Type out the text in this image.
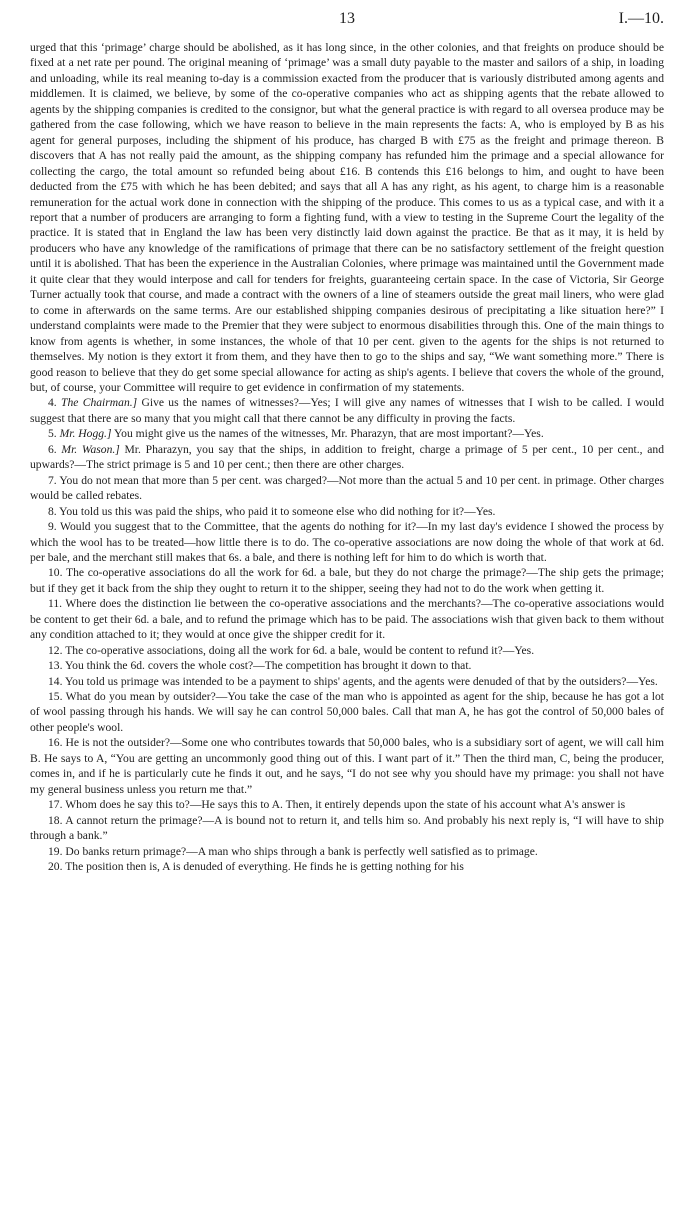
13	I.—10.

urged that this ‘primage’ charge should be abolished, as it has long since, in the other colonies, and that freights on produce should be fixed at a net rate per pound. The original meaning of ‘primage’ was a small duty payable to the master and sailors of a ship, in loading and unloading, while its real meaning to-day is a commission exacted from the producer that is variously distributed among agents and middlemen. It is claimed, we believe, by some of the co-operative companies who act as shipping agents that the rebate allowed to agents by the shipping companies is credited to the consignor, but what the general practice is with regard to all oversea produce may be gathered from the case following, which we have reason to believe in the main represents the facts: A, who is employed by B as his agent for general purposes, including the shipment of his produce, has charged B with £75 as the freight and primage thereon. B discovers that A has not really paid the amount, as the shipping company has refunded him the primage and a special allowance for collecting the cargo, the total amount so refunded being about £16. B contends this £16 belongs to him, and ought to have been deducted from the £75 with which he has been debited; and says that all A has any right, as his agent, to charge him is a reasonable remuneration for the actual work done in connection with the shipping of the produce. This comes to us as a typical case, and with it a report that a number of producers are arranging to form a fighting fund, with a view to testing in the Supreme Court the legality of the practice. It is stated that in England the law has been very distinctly laid down against the practice. Be that as it may, it is held by producers who have any knowledge of the ramifications of primage that there can be no satisfactory settlement of the freight question until it is abolished. That has been the experience in the Australian Colonies, where primage was maintained until the Government made it quite clear that they would interpose and call for tenders for freights, guaranteeing certain space. In the case of Victoria, Sir George Turner actually took that course, and made a contract with the owners of a line of steamers outside the great mail liners, who were glad to come in afterwards on the same terms. Are our established shipping companies desirous of precipitating a like situation here?” I understand complaints were made to the Premier that they were subject to enormous disabilities through this. One of the main things to know from agents is whether, in some instances, the whole of that 10 per cent. given to the agents for the ships is not returned to themselves. My notion is they extort it from them, and they have then to go to the ships and say, “We want something more.” There is good reason to believe that they do get some special allowance for acting as ship's agents. I believe that covers the whole of the ground, but, of course, your Committee will require to get evidence in confirmation of my statements.

4. The Chairman.] Give us the names of witnesses?—Yes; I will give any names of witnesses that I wish to be called. I would suggest that there are so many that you might call that there cannot be any difficulty in proving the facts.

5. Mr. Hogg.] You might give us the names of the witnesses, Mr. Pharazyn, that are most important?—Yes.

6. Mr. Wason.] Mr. Pharazyn, you say that the ships, in addition to freight, charge a primage of 5 per cent., 10 per cent., and upwards?—The strict primage is 5 and 10 per cent.; then there are other charges.

7. You do not mean that more than 5 per cent. was charged?—Not more than the actual 5 and 10 per cent. in primage. Other charges would be called rebates.

8. You told us this was paid the ships, who paid it to someone else who did nothing for it?—Yes.

9. Would you suggest that to the Committee, that the agents do nothing for it?—In my last day's evidence I showed the process by which the wool has to be treated—how little there is to do. The co-operative associations are now doing the whole of that work at 6d. per bale, and the merchant still makes that 6s. a bale, and there is nothing left for him to do which is worth that.

10. The co-operative associations do all the work for 6d. a bale, but they do not charge the primage?—The ship gets the primage; but if they get it back from the ship they ought to return it to the shipper, seeing they had not to do the work when getting it.

11. Where does the distinction lie between the co-operative associations and the merchants?—The co-operative associations would be content to get their 6d. a bale, and to refund the primage which has to be paid. The associations wish that given back to them without any condition attached to it; they would at once give the shipper credit for it.

12. The co-operative associations, doing all the work for 6d. a bale, would be content to refund it?—Yes.

13. You think the 6d. covers the whole cost?—The competition has brought it down to that.

14. You told us primage was intended to be a payment to ships' agents, and the agents were denuded of that by the outsiders?—Yes.

15. What do you mean by outsider?—You take the case of the man who is appointed as agent for the ship, because he has got a lot of wool passing through his hands. We will say he can control 50,000 bales. Call that man A, he has got the control of 50,000 bales of other people's wool.

16. He is not the outsider?—Some one who contributes towards that 50,000 bales, who is a subsidiary sort of agent, we will call him B. He says to A, “You are getting an uncommonly good thing out of this. I want part of it.” Then the third man, C, being the producer, comes in, and if he is particularly cute he finds it out, and he says, “I do not see why you should have my primage: you shall not have my general business unless you return me that.”

17. Whom does he say this to?—He says this to A. Then, it entirely depends upon the state of his account what A's answer is

18. A cannot return the primage?—A is bound not to return it, and tells him so. And probably his next reply is, “I will have to ship through a bank.”

19. Do banks return primage?—A man who ships through a bank is perfectly well satisfied as to primage.

20. The position then is, A is denuded of everything. He finds he is getting nothing for his
